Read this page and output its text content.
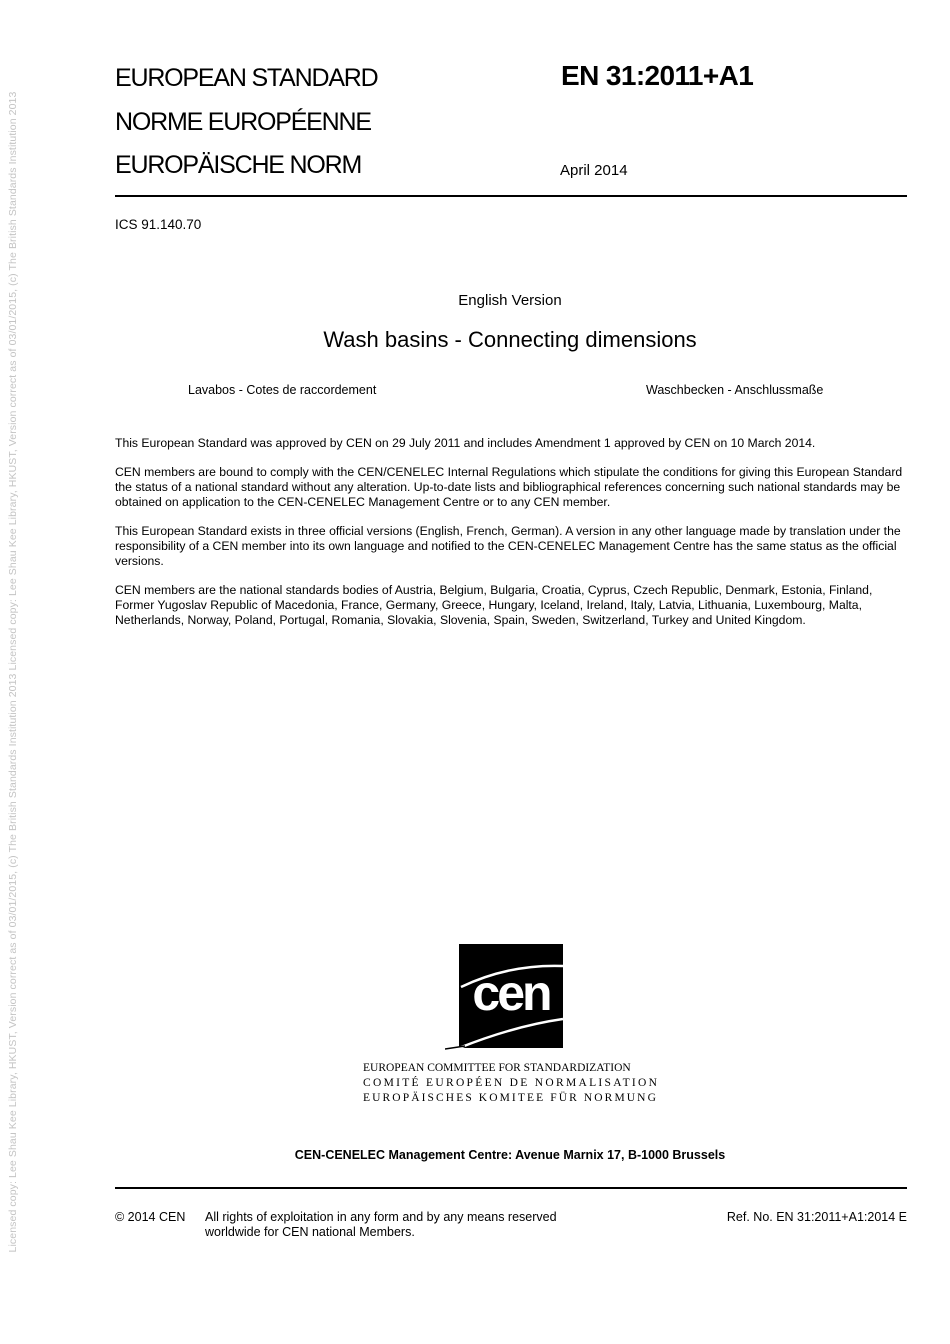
Licensed copy: Lee Shau Kee Library, HKUST, Version correct as of 03/01/2015, (c) The British Standards Institution 2013 Licensed copy: Lee Shau Kee Library, HKUST, Version correct as of 03/01/2015, (c) The British Standards Institution 2013
EUROPEAN STANDARD
NORME EUROPÉENNE
EUROPÄISCHE NORM
EN 31:2011+A1
April 2014
ICS 91.140.70
English Version
Wash basins - Connecting dimensions
Lavabos - Cotes de raccordement	Waschbecken - Anschlussmaße
This European Standard was approved by CEN on 29 July 2011 and includes Amendment 1 approved by CEN on 10 March 2014.
CEN members are bound to comply with the CEN/CENELEC Internal Regulations which stipulate the conditions for giving this European Standard the status of a national standard without any alteration. Up-to-date lists and bibliographical references concerning such national standards may be obtained on application to the CEN-CENELEC Management Centre or to any CEN member.
This European Standard exists in three official versions (English, French, German). A version in any other language made by translation under the responsibility of a CEN member into its own language and notified to the CEN-CENELEC Management Centre has the same status as the official versions.
CEN members are the national standards bodies of Austria, Belgium, Bulgaria, Croatia, Cyprus, Czech Republic, Denmark, Estonia, Finland, Former Yugoslav Republic of Macedonia, France, Germany, Greece, Hungary, Iceland, Ireland, Italy, Latvia, Lithuania, Luxembourg, Malta, Netherlands, Norway, Poland, Portugal, Romania, Slovakia, Slovenia, Spain, Sweden, Switzerland, Turkey and United Kingdom.
cen
EUROPEAN COMMITTEE FOR STANDARDIZATION
COMITÉ EUROPÉEN DE NORMALISATION
EUROPÄISCHES KOMITEE FÜR NORMUNG
CEN-CENELEC Management Centre: Avenue Marnix 17, B-1000 Brussels
© 2014 CEN All rights of exploitation in any form and by any means reserved
worldwide for CEN national Members.
Ref. No. EN 31:2011+A1:2014 E
